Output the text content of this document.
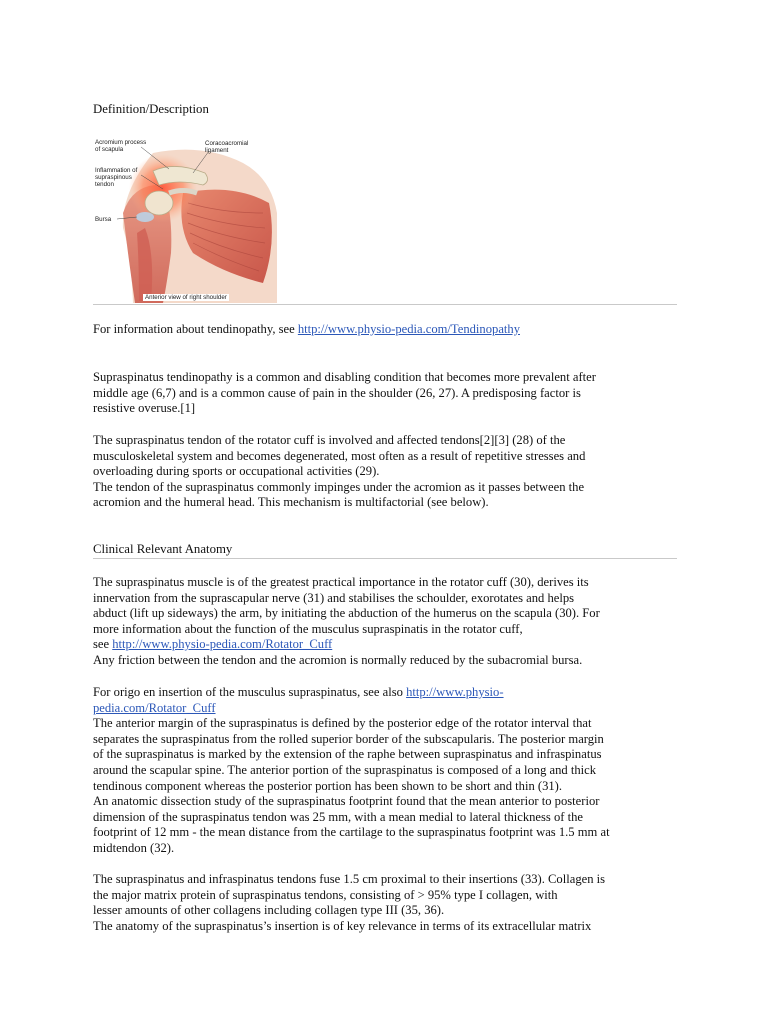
Definition/Description
Acromium process
of scapula
Coracoacromial
ligament
Inflammation of
supraspinous
tendon
Bursa
Anterior view of right shoulder
For information about tendinopathy, see http://www.physio-pedia.com/Tendinopathy
Supraspinatus tendinopathy is a common and disabling condition that becomes more prevalent after
middle age (6,7) and is a common cause of pain in the shoulder (26, 27). A predisposing factor is
resistive overuse.[1]
The supraspinatus tendon of the rotator cuff is involved and affected tendons[2][3] (28) of the
musculoskeletal system and becomes degenerated, most often as a result of repetitive stresses and
overloading during sports or occupational activities (29).
The tendon of the supraspinatus commonly impinges under the acromion as it passes between the
acromion and the humeral head. This mechanism is multifactorial (see below).
Clinical Relevant Anatomy
The supraspinatus muscle is of the greatest practical importance in the rotator cuff (30), derives its
innervation from the suprascapular nerve (31) and stabilises the schoulder, exorotates and helps
abduct (lift up sideways) the arm, by initiating the abduction of the humerus on the scapula (30). For
more information about the function of the musculus supraspinatis in the rotator cuff,
see http://www.physio-pedia.com/Rotator_Cuff
Any friction between the tendon and the acromion is normally reduced by the subacromial bursa.
For origo en insertion of the musculus supraspinatus, see also http://www.physio-
pedia.com/Rotator_Cuff
The anterior margin of the supraspinatus is defined by the posterior edge of the rotator interval that
separates the supraspinatus from the rolled superior border of the subscapularis. The posterior margin
of the supraspinatus is marked by the extension of the raphe between supraspinatus and infraspinatus
around the scapular spine. The anterior portion of the supraspinatus is composed of a long and thick
tendinous component whereas the posterior portion has been shown to be short and thin (31).
An anatomic dissection study of the supraspinatus footprint found that the mean anterior to posterior
dimension of the supraspinatus tendon was 25 mm, with a mean medial to lateral thickness of the
footprint of 12 mm - the mean distance from the cartilage to the supraspinatus footprint was 1.5 mm at
midtendon (32).
The supraspinatus and infraspinatus tendons fuse 1.5 cm proximal to their insertions (33). Collagen is
the major matrix protein of supraspinatus tendons, consisting of > 95% type I collagen, with
lesser amounts of other collagens including collagen type III (35, 36).
The anatomy of the supraspinatus’s insertion is of key relevance in terms of its extracellular matrix
